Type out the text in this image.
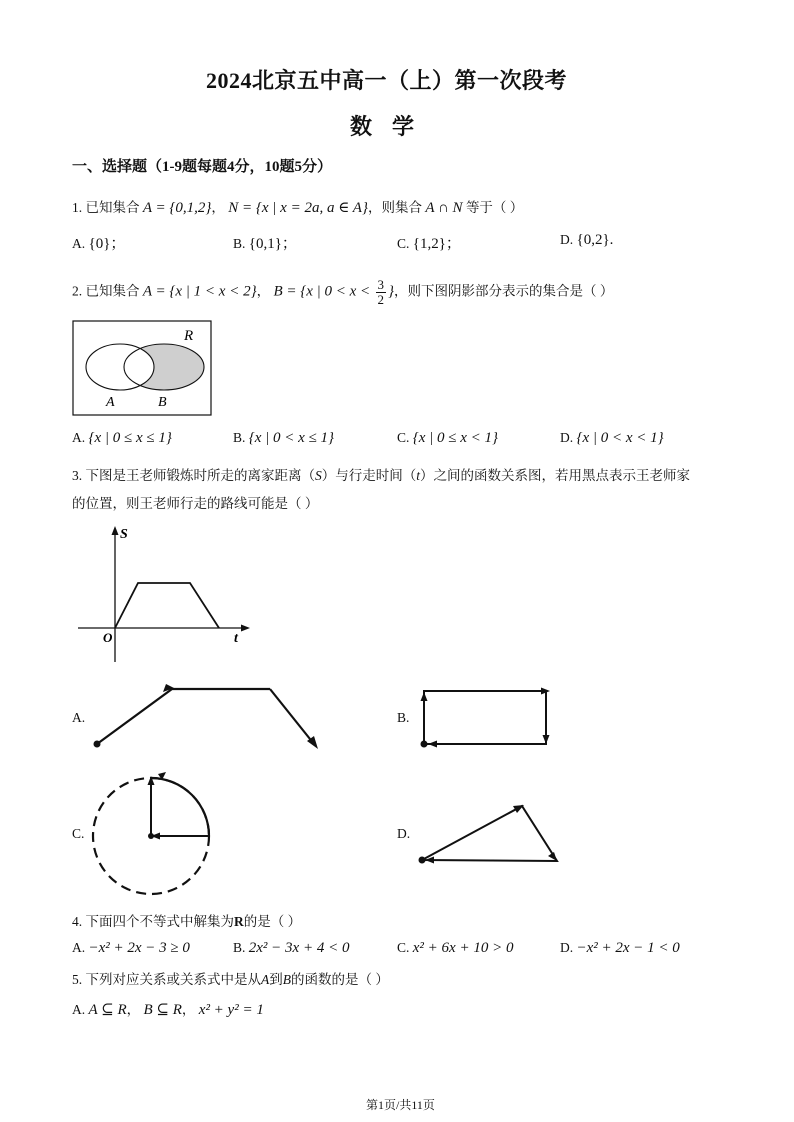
2024北京五中高一（上）第一次段考
数学
一、选择题（1-9题每题4分，10题5分）
1. 已知集合 A = {0,1,2}， N = {x | x = 2a, a ∈ A}，则集合 A ∩ N 等于（ ）
A. {0}；	B. {0,1}；	C. {1,2}；	D. {0,2}.
2. 已知集合 A = {x | 1 < x < 2}， B = {x | $0 < x < \frac{3}{2}$ }，则下图阴影部分表示的集合是（ ）
R
A	B
A. {x | 0 ≤ x ≤ 1}	B. {x | 0 < x ≤ 1}	C. {x | 0 ≤ x < 1}	D. {x | 0 < x < 1}
3. 下图是王老师锻炼时所走的离家距离（S）与行走时间（t）之间的函数关系图，若用黑点表示王老师家
的位置，则王老师行走的路线可能是（ ）
S
t
O
A.	B.
C.	D.
4. 下面四个不等式中解集为R的是（ ）
A. −x² + 2x − 3 ≥ 0	B. 2x² − 3x + 4 < 0	C. x² + 6x + 10 > 0	D. −x² + 2x − 1 < 0
5. 下列对应关系或关系式中是从A到B的函数的是（ ）
A. A ⊆ R， B ⊆ R， x² + y² = 1
第1页/共11页
